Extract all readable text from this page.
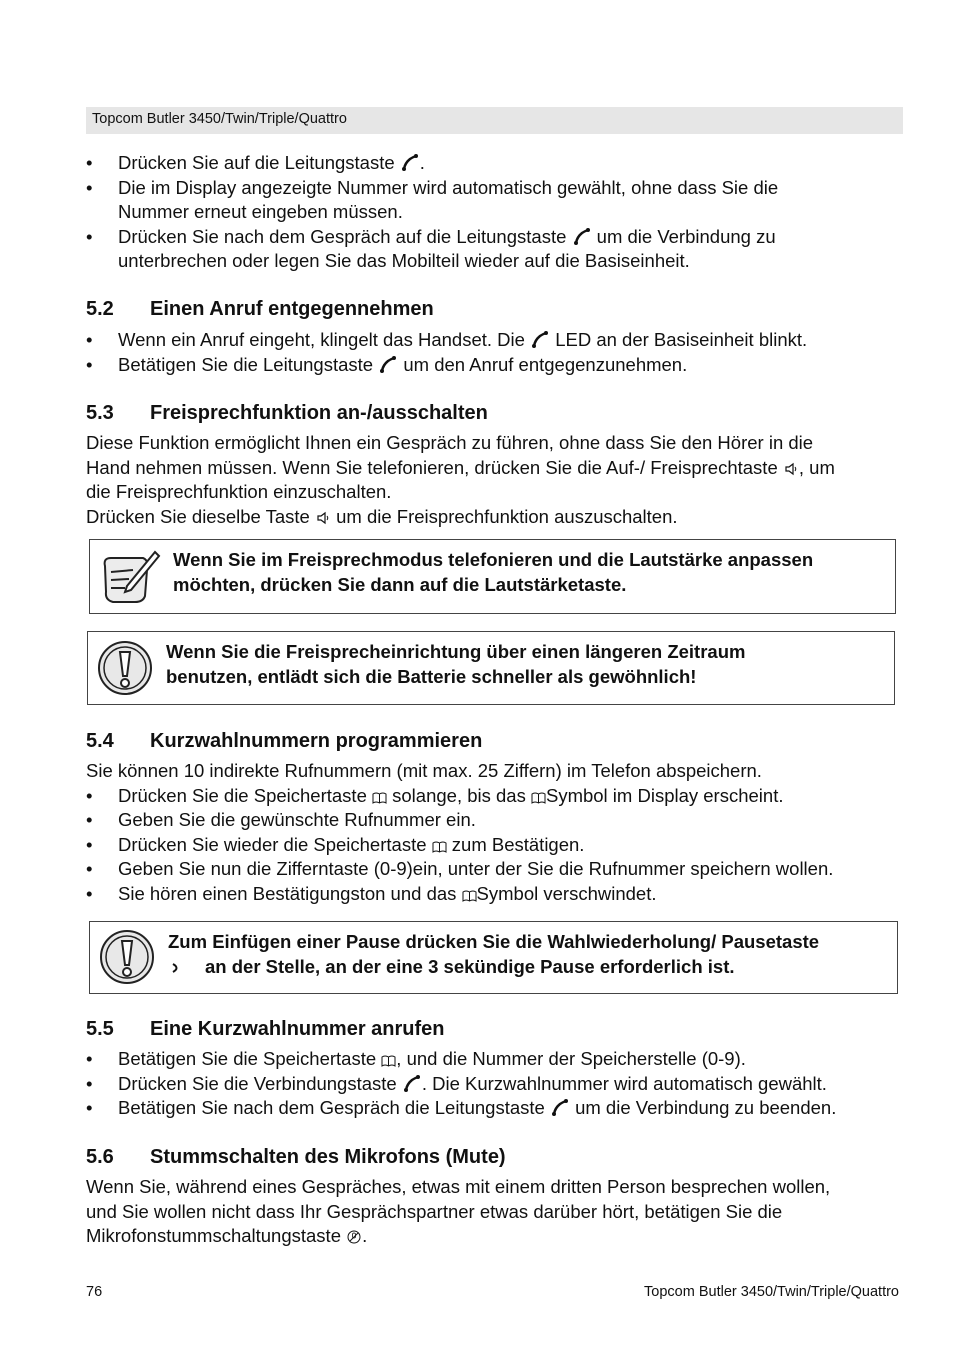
Topcom Butler 3450/Twin/Triple/Quattro
• Drücken Sie auf die Leitungstaste .
• Die im Display angezeigte Nummer wird automatisch gewählt, ohne dass Sie die
Nummer erneut eingeben müssen.
• Drücken Sie nach dem Gespräch auf die Leitungstaste um die Verbindung zu
unterbrechen oder legen Sie das Mobilteil wieder auf die Basiseinheit.
5.2 Einen Anruf entgegennehmen
• Wenn ein Anruf eingeht, klingelt das Handset. Die LED an der Basiseinheit blinkt.
• Betätigen Sie die Leitungstaste um den Anruf entgegenzunehmen.
5.3 Freisprechfunktion an-/ausschalten
Diese Funktion ermöglicht Ihnen ein Gespräch zu führen, ohne dass Sie den Hörer in die
Hand nehmen müssen. Wenn Sie telefonieren, drücken Sie die Auf-/ Freisprechtaste , um
die Freisprechfunktion einzuschalten.
Drücken Sie dieselbe Taste um die Freisprechfunktion auszuschalten.
Wenn Sie im Freisprechmodus telefonieren und die Lautstärke anpassen
möchten, drücken Sie dann auf die Lautstärketaste.
Wenn Sie die Freisprecheinrichtung über einen längeren Zeitraum
benutzen, entlädt sich die Batterie schneller als gewöhnlich!
5.4 Kurzwahlnummern programmieren
Sie können 10 indirekte Rufnummern (mit max. 25 Ziffern) im Telefon abspeichern.
• Drücken Sie die Speichertaste solange, bis das Symbol im Display erscheint.
• Geben Sie die gewünschte Rufnummer ein.
• Drücken Sie wieder die Speichertaste zum Bestätigen.
• Geben Sie nun die Zifferntaste (0-9)ein, unter der Sie die Rufnummer speichern wollen.
• Sie hören einen Bestätigungston und das Symbol verschwindet.
Zum Einfügen einer Pause drücken Sie die Wahlwiederholung/ Pausetaste
an der Stelle, an der eine 3 sekündige Pause erforderlich ist.
5.5 Eine Kurzwahlnummer anrufen
• Betätigen Sie die Speichertaste , und die Nummer der Speicherstelle (0-9).
• Drücken Sie die Verbindungstaste . Die Kurzwahlnummer wird automatisch gewählt.
• Betätigen Sie nach dem Gespräch die Leitungstaste um die Verbindung zu beenden.
5.6 Stummschalten des Mikrofons (Mute)
Wenn Sie, während eines Gespräches, etwas mit einem dritten Person besprechen wollen,
und Sie wollen nicht dass Ihr Gesprächspartner etwas darüber hört, betätigen Sie die
Mikrofonstummschaltungstaste .
76	Topcom Butler 3450/Twin/Triple/Quattro
